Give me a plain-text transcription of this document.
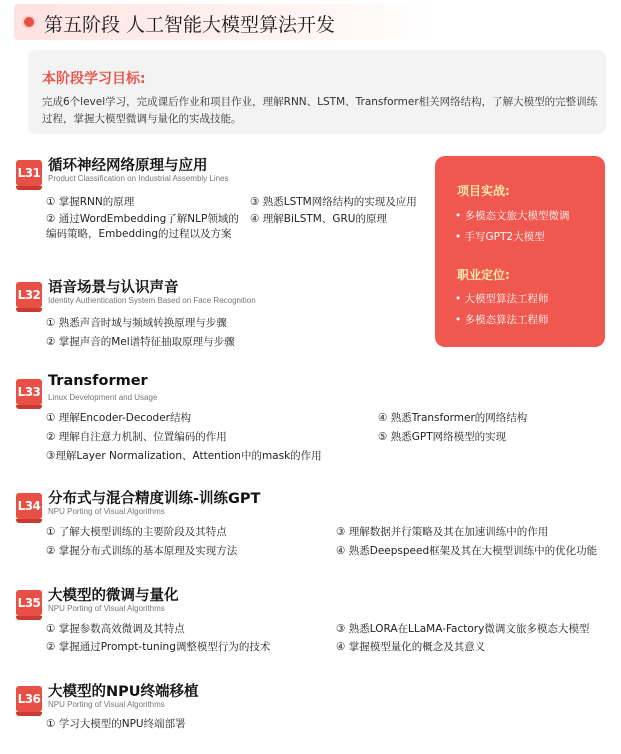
第五阶段 人工智能大模型算法开发
本阶段学习目标:
完成6个level学习，完成课后作业和项目作业，理解RNN、LSTM、Transformer相关网络结构，了解大模型的完整训练过程，掌握大模型微调与量化的实战技能。
L31 循环神经网络原理与应用
Product Classification on Industrial Assembly Lines
① 掌握RNN的原理
② 通过WordEmbedding了解NLP领域的编码策略，Embedding的过程以及方案
③ 熟悉LSTM网络结构的实现及应用
④ 理解BiLSTM、GRU的原理
L32 语音场景与认识声音
Identity Authentication System Based on Face Recognition
① 熟悉声音时域与频域转换原理与步骤
② 掌握声音的Mel谱特征抽取原理与步骤
L33
Transformer
Linux Development and Usage
① 理解Encoder-Decoder结构
② 理解自注意力机制、位置编码的作用
③理解Layer Normalization、Attention中的mask的作用
④ 熟悉Transformer的网络结构
⑤ 熟悉GPT网络模型的实现
L34 分布式与混合精度训练-训练GPT
NPU Porting of Visual Algorithms
① 了解大模型训练的主要阶段及其特点
② 掌握分布式训练的基本原理及实现方法
③ 理解数据并行策略及其在加速训练中的作用
④ 熟悉Deepspeed框架及其在大模型训练中的优化功能
L35 大模型的微调与量化
NPU Porting of Visual Algorithms
① 掌握参数高效微调及其特点
② 掌握通过Prompt-tuning调整模型行为的技术
③ 熟悉LORA在LLaMA-Factory微调文旅多模态大模型
④ 掌握模型量化的概念及其意义
L36 大模型的NPU终端移植
NPU Porting of Visual Algorithms
① 学习大模型的NPU终端部署
项目实战:
• 多模态文旅大模型微调
• 手写GPT2大模型
职业定位:
• 大模型算法工程师
• 多模态算法工程师
